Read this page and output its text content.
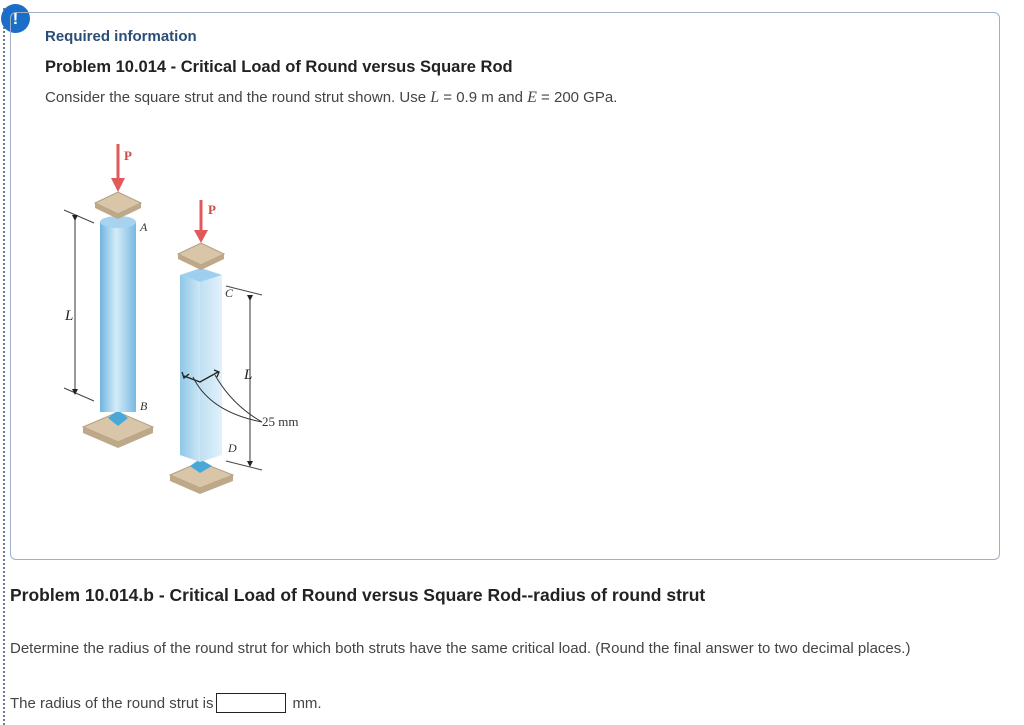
!
Required information
Problem 10.014 - Critical Load of Round versus Square Rod

Consider the square strut and the round strut shown. Use L = 0.9 m and E = 200 GPa.

P
A
B
L
P
C
D
L
25 mm
Problem 10.014.b - Critical Load of Round versus Square Rod--radius of round strut

Determine the radius of the round strut for which both struts have the same critical load. (Round the final answer to two decimal places.)

The radius of the round strut is	mm.
